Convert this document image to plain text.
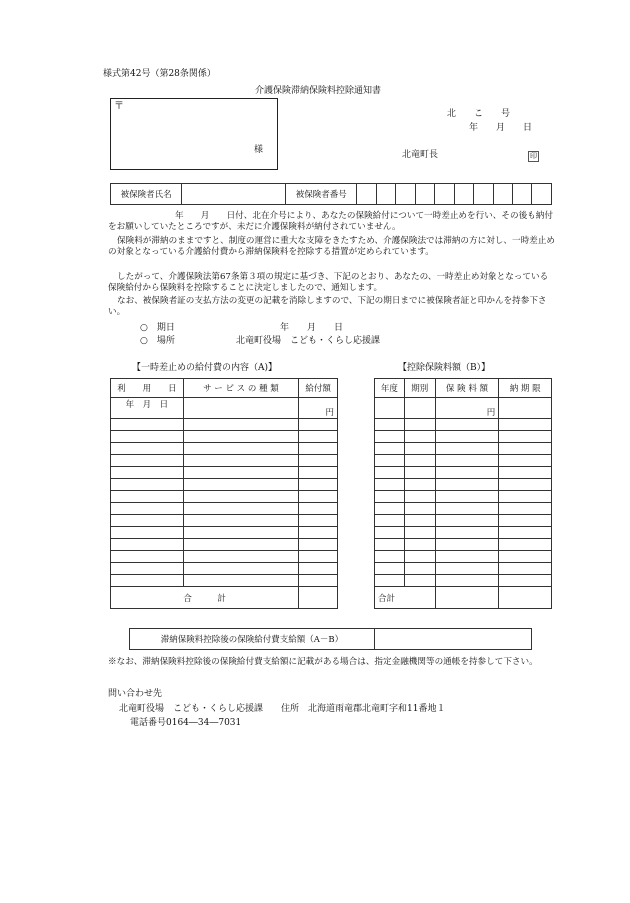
様式第42号（第28条関係）
介護保険滞納保険料控除通知書
〒
様
北　　こ　　号
年　　月　　日
北竜町長	印
被保険者氏名		被保険者番号										
年　　月　　日付、北在介号により、あなたの保険給付について一時差止めを行い、その後も納付をお願いしていたところですが、未だに介護保険料が納付されていません。
保険料が滞納のままですと、制度の運営に重大な支障をきたすため、介護保険法では滞納の方に対し、一時差止めの対象となっている介護給付費から滞納保険料を控除する措置が定められています。
したがって、介護保険法第67条第３項の規定に基づき、下記のとおり、あなたの、一時差止め対象となっている保険給付から保険料を控除することに決定しましたので、通知します。
なお、被保険者証の支払方法の変更の記載を消除しますので、下記の期日までに被保険者証と印かんを持参下さい。
○　期日	年　　月　　日
○　場所	北竜町役場　こども・くらし応援課
【一時差止めの給付費の内容（A)】
利　　用　　日	サ ー ビ ス の 種 類	給付額
年　月　日		円

合　　　計		
【控除保険料額（B）】
年度	期別	保 険 料 額	納 期 限
		円	

合計			
滞納保険料控除後の保険給付費支給額（A－B）	
※なお、滞納保険料控除後の保険給付費支給額に記載がある場合は、指定金融機関等の通帳を持参して下さい。
問い合わせ先
北竜町役場　こども・くらし応援課　　住所　北海道雨竜郡北竜町字和11番地１
電話番号0164―34―7031
